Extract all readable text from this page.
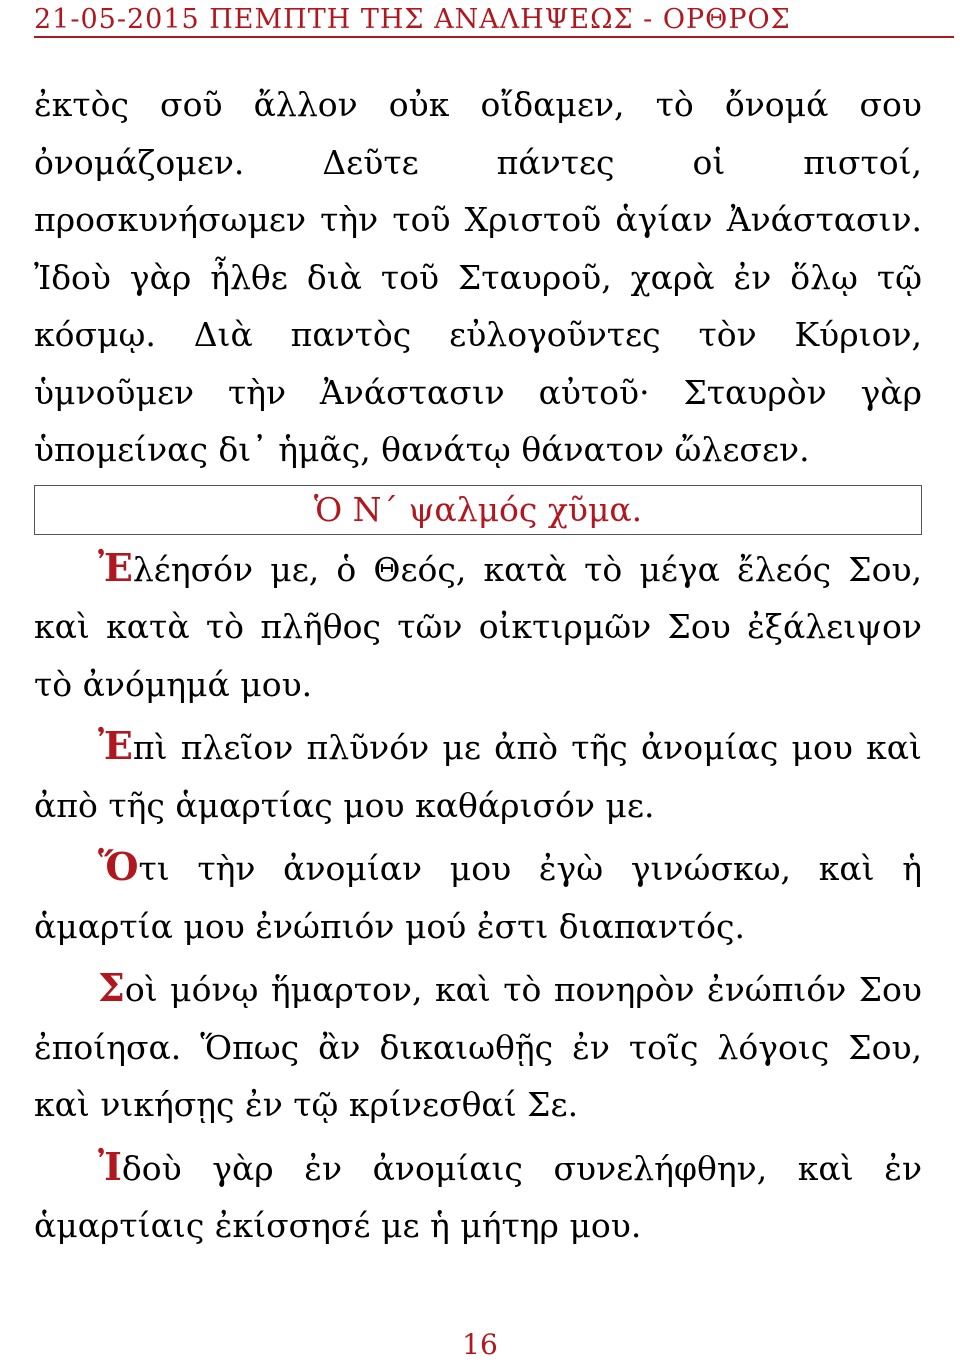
21-05-2015 ΠΕΜΠΤΗ ΤΗΣ ΑΝΑΛΗΨΕΩΣ - ΟΡΘΡΟΣ

ἐκτὸς σοῦ ἄλλον οὐκ οἴδαμεν, τὸ ὄνομά σου ὀνομάζομεν. Δεῦτε πάντες οἱ πιστοί, προσκυνήσωμεν τὴν τοῦ Χριστοῦ ἁγίαν Ἀνάστασιν. Ἰδοὺ γὰρ ἦλθε διὰ τοῦ Σταυροῦ, χαρὰ ἐν ὅλῳ τῷ κόσμῳ. Διὰ παντὸς εὐλογοῦντες τὸν Κύριον, ὑμνοῦμεν τὴν Ἀνάστασιν αὐτοῦ· Σταυρὸν γὰρ ὑπομείνας δι᾿ ἡμᾶς, θανάτῳ θάνατον ὤλεσεν.

Ὁ Ν΄ ψαλμός χῦμα.

Ἐλέησόν με, ὁ Θεός, κατὰ τὸ μέγα ἔλεός Σου, καὶ κατὰ τὸ πλῆθος τῶν οἰκτιρμῶν Σου ἐξάλειψον τὸ ἀνόμημά μου.

Ἐπὶ πλεῖον πλῦνόν με ἀπὸ τῆς ἀνομίας μου καὶ ἀπὸ τῆς ἁμαρτίας μου καθάρισόν με.

Ὅτι τὴν ἀνομίαν μου ἐγὼ γινώσκω, καὶ ἡ ἁμαρτία μου ἐνώπιόν μού ἐστι διαπαντός.

Σοὶ μόνῳ ἥμαρτον, καὶ τὸ πονηρὸν ἐνώπιόν Σου ἐποίησα. Ὅπως ἂν δικαιωθῇς ἐν τοῖς λόγοις Σου, καὶ νικήσῃς ἐν τῷ κρίνεσθαί Σε.

Ἰδοὺ γὰρ ἐν ἀνομίαις συνελήφθην, καὶ ἐν ἁμαρτίαις ἐκίσσησέ με ἡ μήτηρ μου.

16
